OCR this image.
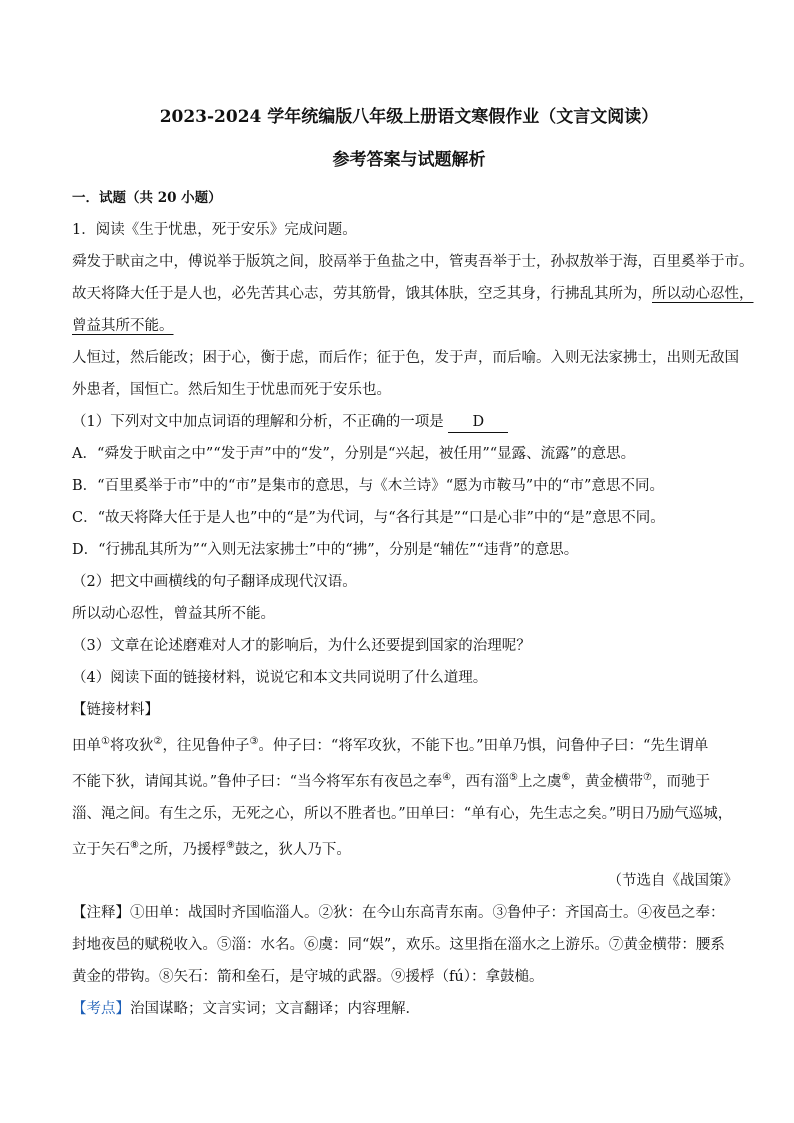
2023-2024 学年统编版八年级上册语文寒假作业（文言文阅读）
参考答案与试题解析
一．试题（共 20 小题）

1．阅读《生于忧患，死于安乐》完成问题。

舜发于畎亩之中，傅说举于版筑之间，胶鬲举于鱼盐之中，管夷吾举于士，孙叔敖举于海，百里奚举于市。

故天将降大任于是人也，必先苦其心志，劳其筋骨，饿其体肤，空乏其身，行拂乱其所为，所以动心忍性，

曾益其所不能。

人恒过，然后能改；困于心，衡于虑，而后作；征于色，发于声，而后喻。入则无法家拂士，出则无敌国

外患者，国恒亡。然后知生于忧患而死于安乐也。

（1）下列对文中加点词语的理解和分析，不正确的一项是 D

A．“舜发于畎亩之中”“发于声”中的“发”，分别是“兴起，被任用”“显露、流露”的意思。

B．“百里奚举于市”中的“市”是集市的意思，与《木兰诗》“愿为市鞍马”中的“市”意思不同。

C．“故天将降大任于是人也”中的“是”为代词，与“各行其是”“口是心非”中的“是”意思不同。

D．“行拂乱其所为”“入则无法家拂士”中的“拂”，分别是“辅佐”“违背”的意思。

（2）把文中画横线的句子翻译成现代汉语。

所以动心忍性，曾益其所不能。

（3）文章在论述磨难对人才的影响后，为什么还要提到国家的治理呢？

（4）阅读下面的链接材料，说说它和本文共同说明了什么道理。

【链接材料】

田单①将攻狄②，往见鲁仲子③。仲子曰：“将军攻狄，不能下也。”田单乃惧，问鲁仲子曰：“先生谓单

不能下狄，请闻其说。”鲁仲子曰：“当今将军东有夜邑之奉④，西有淄⑤上之虞⑥，黄金横带⑦，而驰于

淄、渑之间。有生之乐，无死之心，所以不胜者也。”田单曰：“单有心，先生志之矣。”明日乃励气巡城，

立于矢石⑧之所，乃援桴⑨鼓之，狄人乃下。

（节选自《战国策》

【注释】①田单：战国时齐国临淄人。②狄：在今山东高青东南。③鲁仲子：齐国高士。④夜邑之奉：

封地夜邑的赋税收入。⑤淄：水名。⑥虞：同“娱”，欢乐。这里指在淄水之上游乐。⑦黄金横带：腰系

黄金的带钩。⑧矢石：箭和垒石，是守城的武器。⑨援桴（fú）：拿鼓槌。

【考点】治国谋略；文言实词；文言翻译；内容理解．
